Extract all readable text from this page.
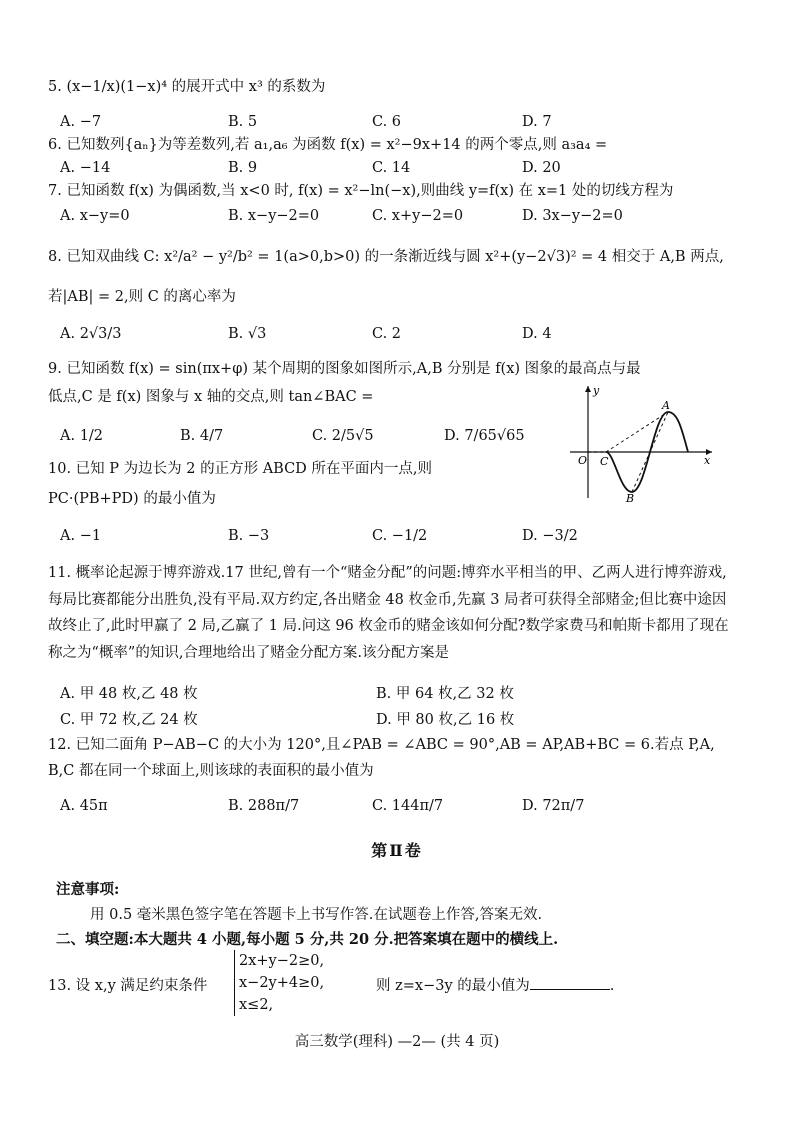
5. (x−1/x)(1−x)⁴ 的展开式中 x³ 的系数为
A. −7	B. 5	C. 6	D. 7
6. 已知数列{aₙ}为等差数列,若 a₁,a₆ 为函数 f(x) = x²−9x+14 的两个零点,则 a₃a₄ =
A. −14	B. 9	C. 14	D. 20
7. 已知函数 f(x) 为偶函数,当 x<0 时, f(x) = x²−ln(−x),则曲线 y=f(x) 在 x=1 处的切线方程为
A. x−y=0	B. x−y−2=0	C. x+y−2=0	D. 3x−y−2=0
8. 已知双曲线 C: x²/a² − y²/b² = 1(a>0,b>0) 的一条渐近线与圆 x²+(y−2√3)² = 4 相交于 A,B 两点,
若|AB| = 2,则 C 的离心率为
A. 2√3/3	B. √3	C. 2	D. 4
9. 已知函数 f(x) = sin(πx+φ) 某个周期的图象如图所示,A,B 分别是 f(x) 图象的最高点与最
低点,C 是 f(x) 图象与 x 轴的交点,则 tan∠BAC =
A. 1/2	B. 4/7	C. 2/5√5	D. 7/65√65
O C
A
B
x
y
10. 已知 P 为边长为 2 的正方形 ABCD 所在平面内一点,则
PC·(PB+PD) 的最小值为
A. −1	B. −3	C. −1/2	D. −3/2
11. 概率论起源于博弈游戏.17 世纪,曾有一个“赌金分配”的问题:博弈水平相当的甲、乙两人进行博弈游戏,每局比赛都能分出胜负,没有平局.双方约定,各出赌金 48 枚金币,先赢 3 局者可获得全部赌金;但比赛中途因故终止了,此时甲赢了 2 局,乙赢了 1 局.问这 96 枚金币的赌金该如何分配?数学家费马和帕斯卡都用了现在称之为“概率”的知识,合理地给出了赌金分配方案.该分配方案是
A. 甲 48 枚,乙 48 枚	B. 甲 64 枚,乙 32 枚
C. 甲 72 枚,乙 24 枚	D. 甲 80 枚,乙 16 枚
12. 已知二面角 P−AB−C 的大小为 120°,且∠PAB = ∠ABC = 90°,AB = AP,AB+BC = 6.若点 P,A,
B,C 都在同一个球面上,则该球的表面积的最小值为
A. 45π	B. 288π/7	C. 144π/7	D. 72π/7
第Ⅱ卷
注意事项:
用 0.5 毫米黑色签字笔在答题卡上书写作答.在试题卷上作答,答案无效.
二、填空题:本大题共 4 小题,每小题 5 分,共 20 分.把答案填在题中的横线上.
13. 设 x,y 满足约束条件
2x+y−2≥0,
x−2y+4≥0,
x≤2,
则 z=x−3y 的最小值为	.
高三数学(理科) —2— (共 4 页)
